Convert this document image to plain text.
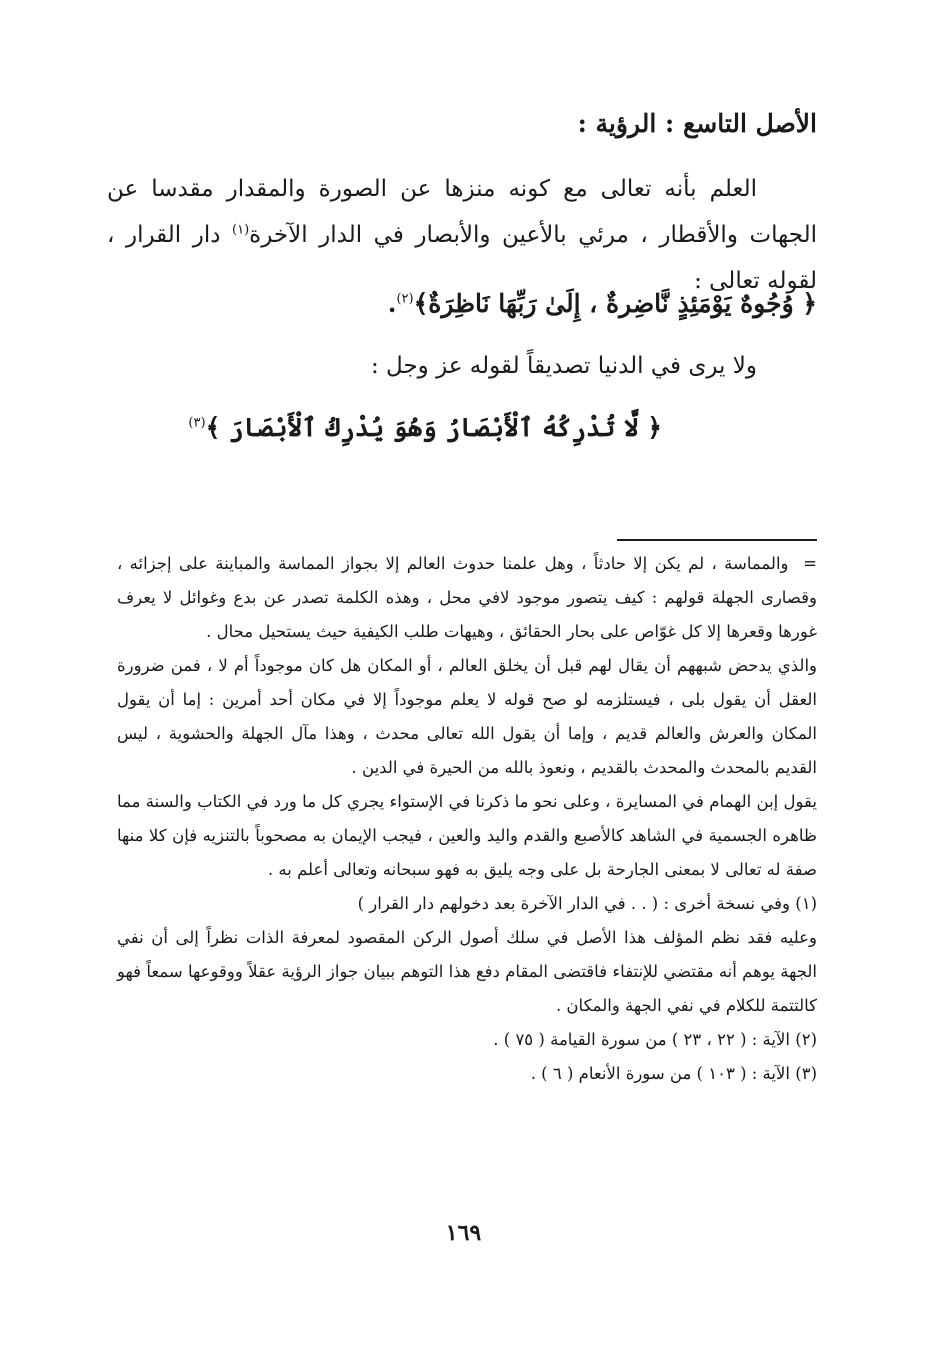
الأصل التاسع : الرؤية :

العلم بأنه تعالى مع كونه منزها عن الصورة والمقدار مقدسا عن الجهات والأقطار ، مرئي بالأعين والأبصار في الدار الآخرة$^{(١)}$ دار القرار ، لقوله تعالى :

﴿ وُجُوهٌ يَوْمَئِذٍ نَّاضِرةٌ ، إِلَىٰ رَبِّهَا نَاظِرَةٌ﴾$^{(٢)}$.
ولا يرى في الدنيا تصديقاً لقوله عز وجل :
﴿ لَّا تُدْرِكُهُ ٱلْأَبْصَارُ وَهُوَ يُدْرِكُ ٱلْأَبْصَارَ ﴾$^{(٣)}$

=  والمماسة ، لم يكن إلا حادثاً ، وهل علمنا حدوث العالم إلا بجواز المماسة والمباينة على إجزائه ، وقصارى الجهلة قولهم : كيف يتصور موجود لافي محل ، وهذه الكلمة تصدر عن بدع وغوائل لا يعرف غورها وقعرها إلا كل غوّاص على بحار الحقائق ، وهيهات طلب الكيفية حيث يستحيل محال .

والذي يدحض شبههم أن يقال لهم قبل أن يخلق العالم ، أو المكان هل كان موجوداً أم لا ، فمن ضرورة العقل أن يقول بلى ، فيستلزمه لو صح قوله لا يعلم موجوداً إلا في مكان أحد أمرين : إما أن يقول المكان والعرش والعالم قديم ، وإما أن يقول الله تعالى محدث ، وهذا مآل الجهلة والحشوية ، ليس القديم بالمحدث والمحدث بالقديم ، ونعوذ بالله من الحيرة في الدين .

يقول إبن الهمام في المسايرة ، وعلى نحو ما ذكرنا في الإستواء يجري كل ما ورد في الكتاب والسنة مما ظاهره الجسمية في الشاهد كالأصبع والقدم واليد والعين ، فيجب الإيمان به مصحوباً بالتنزيه فإن كلا منها صفة له تعالى لا بمعنى الجارحة بل على وجه يليق به فهو سبحانه وتعالى أعلم به .

(١) وفي نسخة أخرى : ( . . في الدار الآخرة بعد دخولهم دار القرار )

وعليه فقد نظم المؤلف هذا الأصل في سلك أصول الركن المقصود لمعرفة الذات نظراً إلى أن نفي الجهة يوهم أنه مقتضي للإنتفاء فاقتضى المقام دفع هذا التوهم ببيان جواز الرؤية عقلاً ووقوعها سمعاً فهو كالتتمة للكلام في نفي الجهة والمكان .

(٢) الآية : ( ٢٢ ، ٢٣ ) من سورة القيامة ( ٧٥ ) .

(٣) الآية : ( ١٠٣ ) من سورة الأنعام ( ٦ ) .

١٦٩
